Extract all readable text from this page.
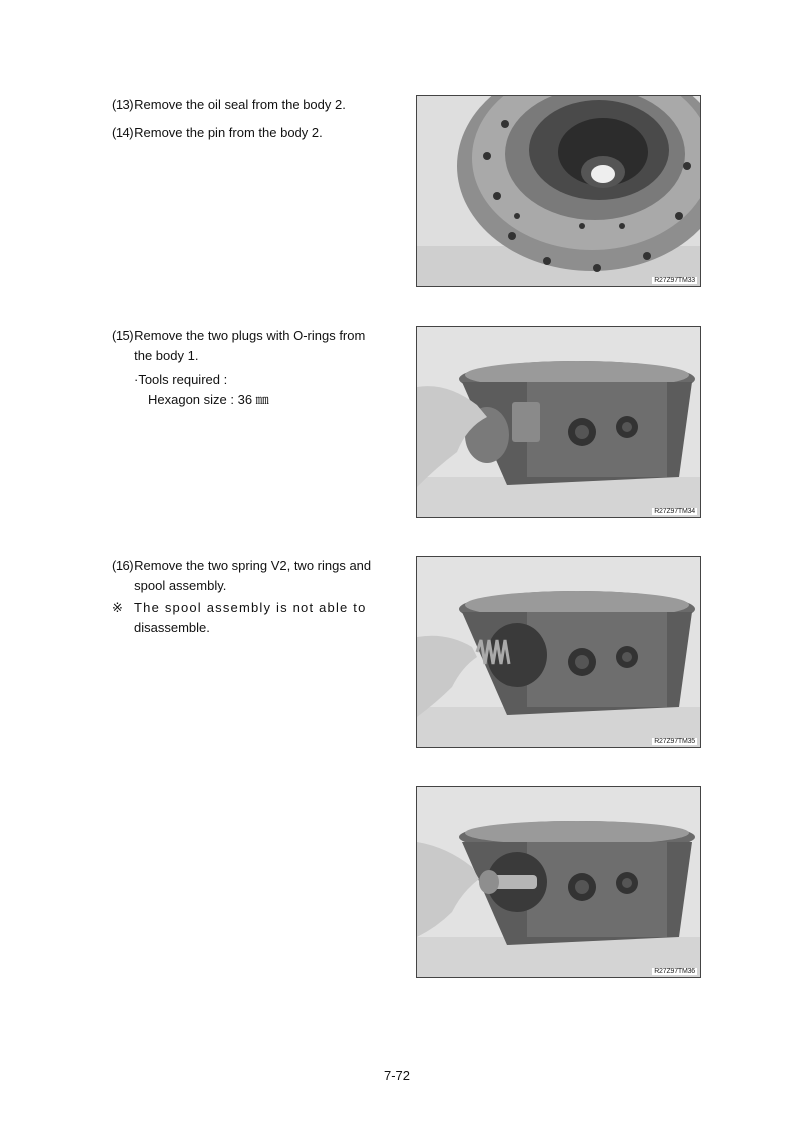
(13) Remove the oil seal from the body 2.
(14) Remove the pin from the body 2.
(15) Remove the two plugs with O-rings from
the body 1.
·Tools required :
Hexagon size : 36 ㎜
(16) Remove the two spring V2, two rings and
spool assembly.
※ The spool assembly is not able to
disassemble.
R27Z97TM33
R27Z97TM34
R27Z97TM35
R27Z97TM36
7-72
